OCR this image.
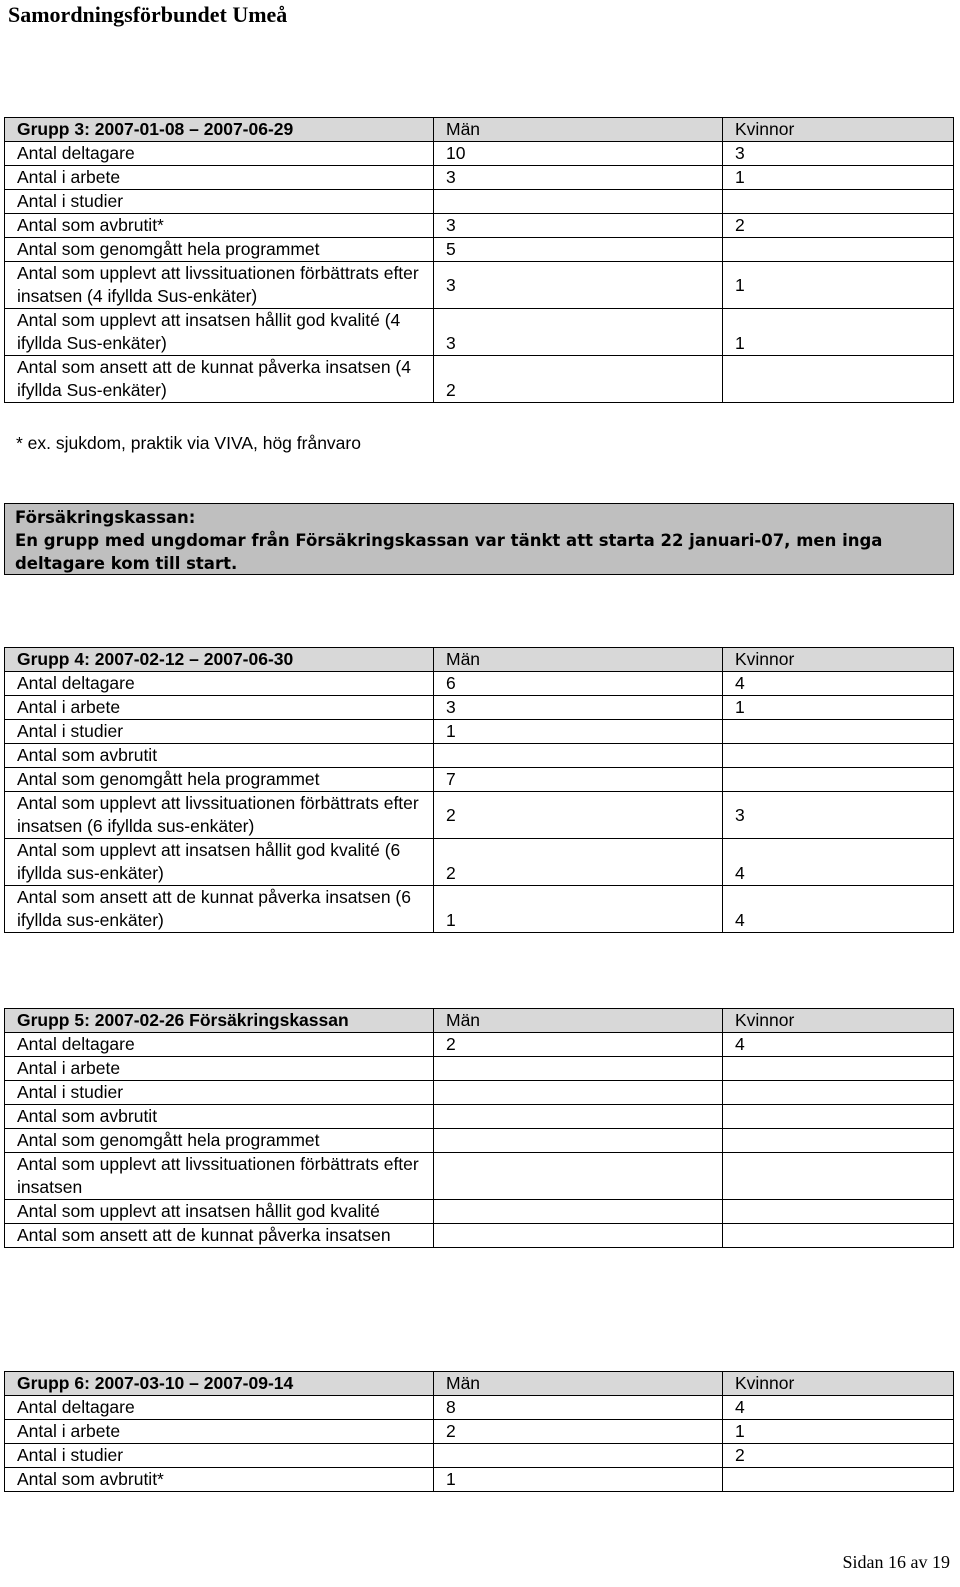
Samordningsförbundet Umeå
Grupp 3: 2007-01-08 – 2007-06-29	Män	Kvinnor
Antal deltagare	10	3
Antal i arbete	3	1
Antal i studier		
Antal som avbrutit*	3	2
Antal som genomgått hela programmet	5	
Antal som upplevt att livssituationen förbättrats efter insatsen (4 ifyllda Sus-enkäter)	3	1
Antal som upplevt att insatsen hållit god kvalité (4 ifyllda Sus-enkäter)	3	1
Antal som ansett att de kunnat påverka insatsen (4 ifyllda Sus-enkäter)	2	
* ex. sjukdom, praktik via VIVA, hög frånvaro
Försäkringskassan:
En grupp med ungdomar från Försäkringskassan var tänkt att starta 22 januari-07, men inga deltagare kom till start.
Grupp 4: 2007-02-12 – 2007-06-30	Män	Kvinnor
Antal deltagare	6	4
Antal i arbete	3	1
Antal i studier	1	
Antal som avbrutit		
Antal som genomgått hela programmet	7	
Antal som upplevt att livssituationen förbättrats efter insatsen (6 ifyllda sus-enkäter)	2	3
Antal som upplevt att insatsen hållit god kvalité (6 ifyllda sus-enkäter)	2	4
Antal som ansett att de kunnat påverka insatsen (6 ifyllda sus-enkäter)	1	4
Grupp 5: 2007-02-26 Försäkringskassan	Män	Kvinnor
Antal deltagare	2	4
Antal i arbete		
Antal i studier		
Antal som avbrutit		
Antal som genomgått hela programmet		
Antal som upplevt att livssituationen förbättrats efter insatsen		
Antal som upplevt att insatsen hållit god kvalité		
Antal som ansett att de kunnat påverka insatsen		
Grupp 6: 2007-03-10 – 2007-09-14	Män	Kvinnor
Antal deltagare	8	4
Antal i arbete	2	1
Antal i studier		2
Antal som avbrutit*	1	
Sidan 16 av 19
